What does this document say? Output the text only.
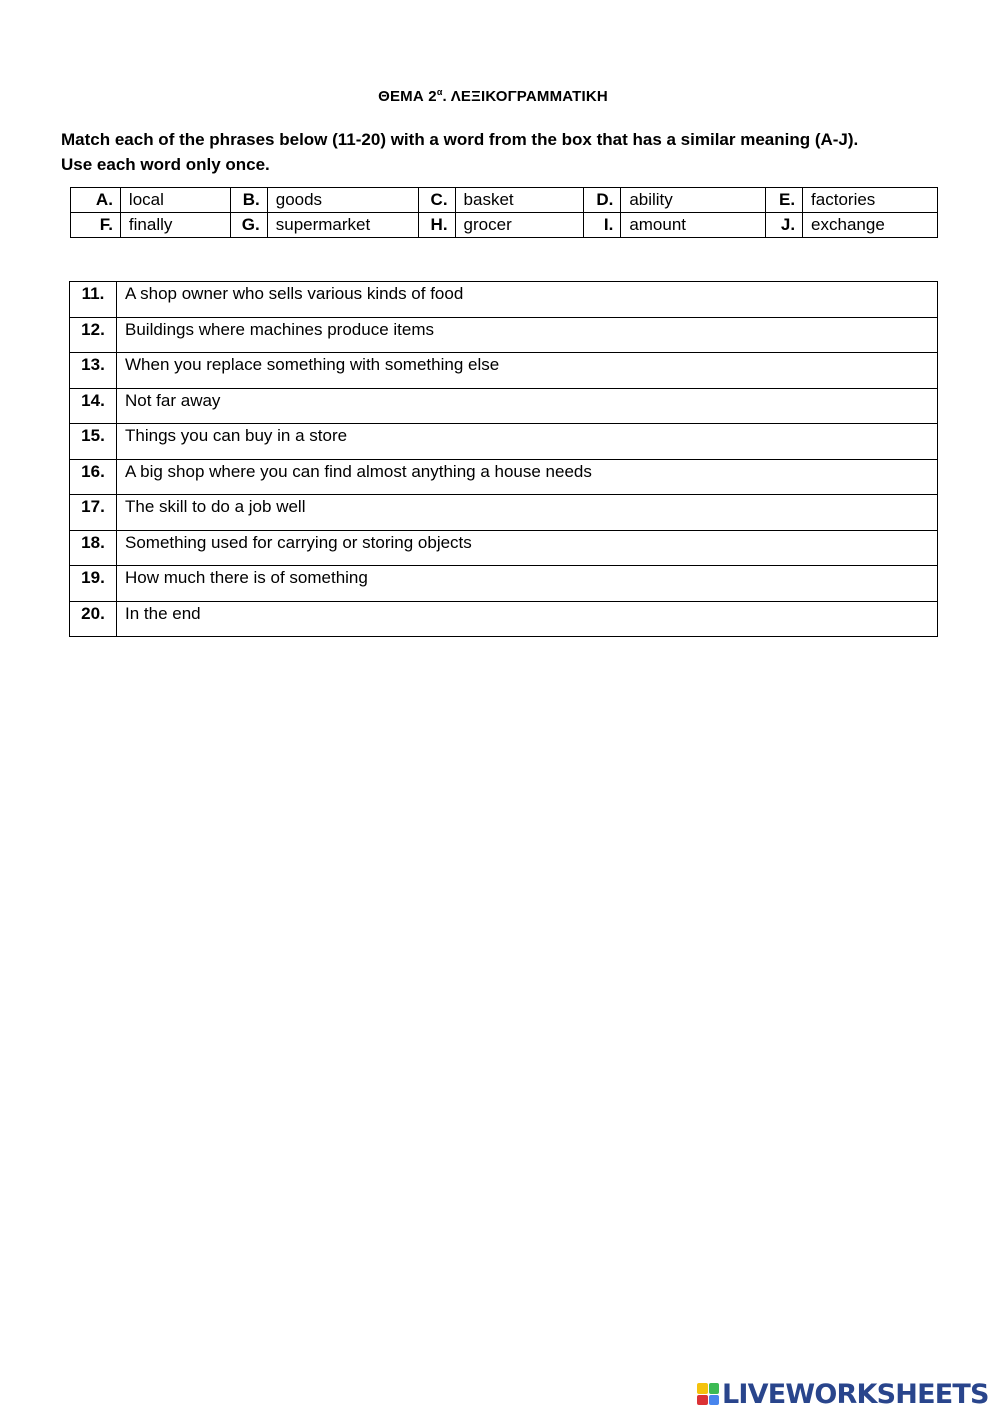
ΘΕΜΑ $2^\alpha$. ΛΕΞΙΚΟΓΡΑΜΜΑΤΙΚΗ
Match each of the phrases below (11-20) with a word from the box that has a similar meaning (A-J).
Use each word only once.
A.	local	B.	goods	C.	basket	D.	ability	E.	factories
F.	finally	G.	supermarket	H.	grocer	I.	amount	J.	exchange
11.	A shop owner who sells various kinds of food
12.	Buildings where machines produce items
13.	When you replace something with something else
14.	Not far away
15.	Things you can buy in a store
16.	A big shop where you can find almost anything a house needs
17.	The skill to do a job well
18.	Something used for carrying or storing objects
19.	How much there is of something
20.	In the end
LIVEWORKSHEETS
